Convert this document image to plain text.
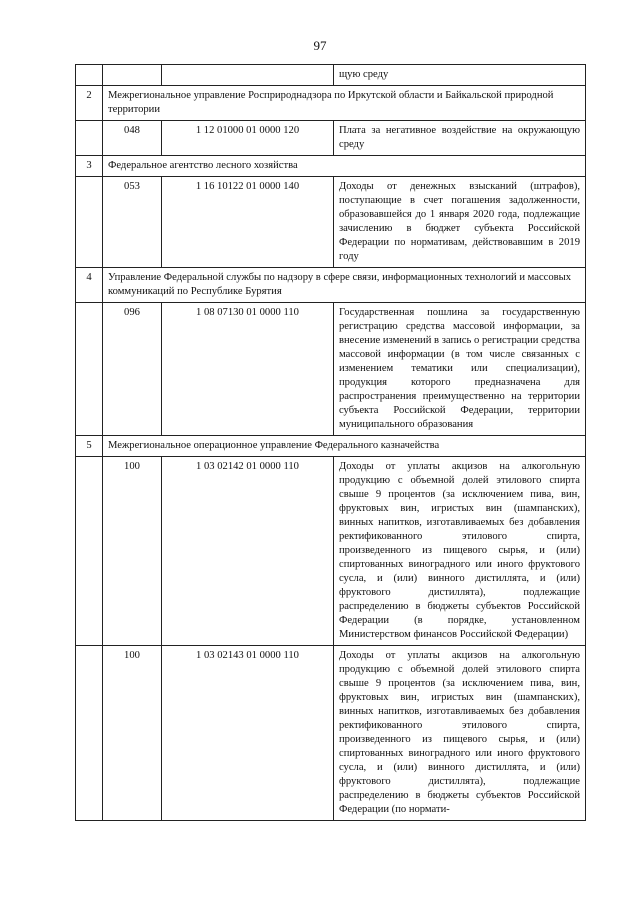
97
			щую среду
2	Межрегиональное управление Росприроднадзора по Иркутской области и Байкальской природной территории		
	048	1 12 01000 01 0000 120	Плата за негативное воздействие на окружающую среду
3	Федеральное агентство лесного хозяйства		
	053	1 16 10122 01 0000 140	Доходы от денежных взысканий (штрафов), поступающие в счет погашения задолженности, образовавшейся до 1 января 2020 года, подлежащие зачислению в бюджет субъекта Российской Федерации по нормативам, действовавшим в 2019 году
4	Управление Федеральной службы по надзору в сфере связи, информационных технологий и массовых коммуникаций по Республике Бурятия		
	096	1 08 07130 01 0000 110	Государственная пошлина за государственную регистрацию средства массовой информации, за внесение изменений в запись о регистрации средства массовой информации (в том числе связанных с изменением тематики или специализации), продукция которого предназначена для распространения преимущественно на территории субъекта Российской Федерации, территории муниципального образования
5	Межрегиональное операционное управление Федерального казначейства		
	100	1 03 02142 01 0000 110	Доходы от уплаты акцизов на алкогольную продукцию с объемной долей этилового спирта свыше 9 процентов (за исключением пива, вин, фруктовых вин, игристых вин (шампанских), винных напитков, изготавливаемых без добавления ректификованного этилового спирта, произведенного из пищевого сырья, и (или) спиртованных виноградного или иного фруктового сусла, и (или) винного дистиллята, и (или) фруктового дистиллята), подлежащие распределению в бюджеты субъектов Российской Федерации (в порядке, установленном Министерством финансов Российской Федерации)
	100	1 03 02143 01 0000 110	Доходы от уплаты акцизов на алкогольную продукцию с объемной долей этилового спирта свыше 9 процентов (за исключением пива, вин, фруктовых вин, игристых вин (шампанских), винных напитков, изготавливаемых без добавления ректификованного этилового спирта, произведенного из пищевого сырья, и (или) спиртованных виноградного или иного фруктового сусла, и (или) винного дистиллята, и (или) фруктового дистиллята), подлежащие распределению в бюджеты субъектов Российской Федерации (по нормати-
